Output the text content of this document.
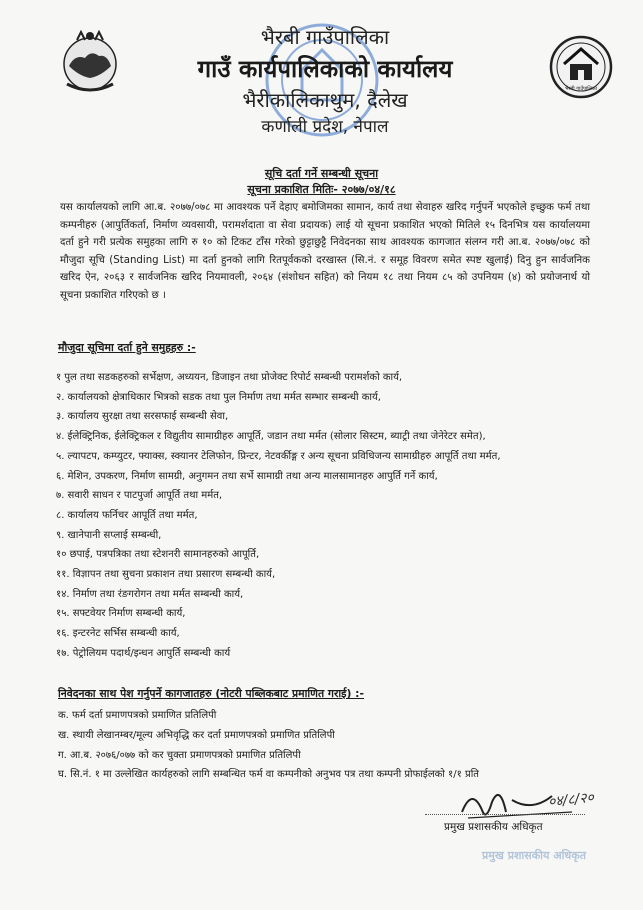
भैरबी गाउँपालिका

गाउँ कार्यपालिकाको कार्यालय

भैरीकालिकाथुम, दैलेख

कर्णाली प्रदेश, नेपाल

भैरबी गाउँपालिका
सूचि दर्ता गर्ने सम्बन्धी सूचना
सूचना प्रकाशित मितिः- २०७७/०४/१८
यस कार्यालयको लागि आ.ब. २०७७/०७८ मा आवश्यक पर्ने देहाए बमोजिमका सामान, कार्य तथा सेवाहरु खरिद गर्नुपर्ने भएकोले इच्छुक फर्म तथा कम्पनीहरु (आपुर्तिकर्ता, निर्माण व्यवसायी, परामर्शदाता वा सेवा प्रदायक) लाई यो सूचना प्रकाशित भएको मितिले १५ दिनभित्र यस कार्यालयमा दर्ता हुने गरी प्रत्येक समुहका लागि रु १० को टिकट टाँस गरेको छुट्टाछुट्टै निवेदनका साथ आवश्यक कागजात संलग्न गरी आ.ब. २०७७/०७८ को मौजुदा सूचि (Standing List) मा दर्ता हुनको लागि रितपूर्वकको दरखास्त (सि.नं. र समूह विवरण समेत स्पष्ट खुलाई) दिनु हुन सार्वजनिक खरिद ऐन, २०६३ र सार्वजनिक खरिद नियमावली, २०६४ (संशोधन सहित) को नियम १८ तथा नियम ८५ को उपनियम (४) को प्रयोजनार्थ यो सूचना प्रकाशित गरिएको छ ।
मौजुदा सूचिमा दर्ता हुने समुहहरु :-
१ पुल तथा सडकहरुको सर्भेक्षण, अध्ययन, डिजाइन तथा प्रोजेक्ट रिपोर्ट सम्बन्धी परामर्शको कार्य,
२. कार्यालयको क्षेत्राधिकार भित्रको सडक तथा पुल निर्माण तथा मर्मत सम्भार सम्बन्धी कार्य,
३. कार्यालय सुरक्षा तथा सरसफाई सम्बन्धी सेवा,
४. ईलेक्ट्रिनिक, ईलेक्ट्रिकल र विद्युतीय सामाग्रीहरु आपूर्ति, जडान तथा मर्मत (सोलार सिस्टम, ब्याट्री तथा जेनेरेटर समेत),
५. ल्यापटप, कम्प्युटर, फ्याक्स, स्क्यानर टेलिफोन, प्रिन्टर, नेटवर्कीङ्ग र अन्य सूचना प्रविधिजन्य सामाग्रीहरु आपूर्ति तथा मर्मत,
६. मेशिन, उपकरण, निर्माण सामग्री, अनुगमन तथा सर्भे सामाग्री तथा अन्य मालसामानहरु आपुर्ति गर्ने कार्य,
७. सवारी साधन र पाटपुर्जा आपूर्ति तथा मर्मत,
८. कार्यालय फर्निचर आपूर्ति तथा मर्मत,
९. खानेपानी सप्लाई सम्बन्धी,
१० छपाई, पत्रपत्रिका तथा स्टेशनरी सामानहरुको आपूर्ति,
११. विज्ञापन तथा सुचना प्रकाशन तथा प्रसारण सम्बन्धी कार्य,
१४. निर्माण तथा रंङगरोगन तथा मर्मत सम्बन्धी कार्य,
१५. सफ्टवेयर निर्माण सम्बन्धी कार्य,
१६. इन्टरनेट सर्भिस सम्बन्धी कार्य,
१७. पेट्रोलियम पदार्थ/इन्धन आपुर्ति सम्बन्धी कार्य
निवेदनका साथ पेश गर्नुपर्ने कागजातहरु (नोटरी पब्लिकबाट प्रमाणित गराई) :-
क. फर्म दर्ता प्रमाणपत्रको प्रमाणित प्रतिलिपी
ख. स्थायी लेखानम्बर/मूल्य अभिवृद्धि कर दर्ता प्रमाणपत्रको प्रमाणित प्रतिलिपी
ग. आ.ब. २०७६/०७७ को कर चुक्ता प्रमाणपत्रको प्रमाणित प्रतिलिपी
घ. सि.नं. १ मा उल्लेखित कार्यहरुको लागि सम्बन्धित फर्म वा कम्पनीको अनुभव पत्र तथा कम्पनी प्रोफाईलको १/१ प्रति
०४/८/२०
प्रमुख प्रशासकीय अधिकृत
प्रमुख प्रशासकीय अधिकृत
